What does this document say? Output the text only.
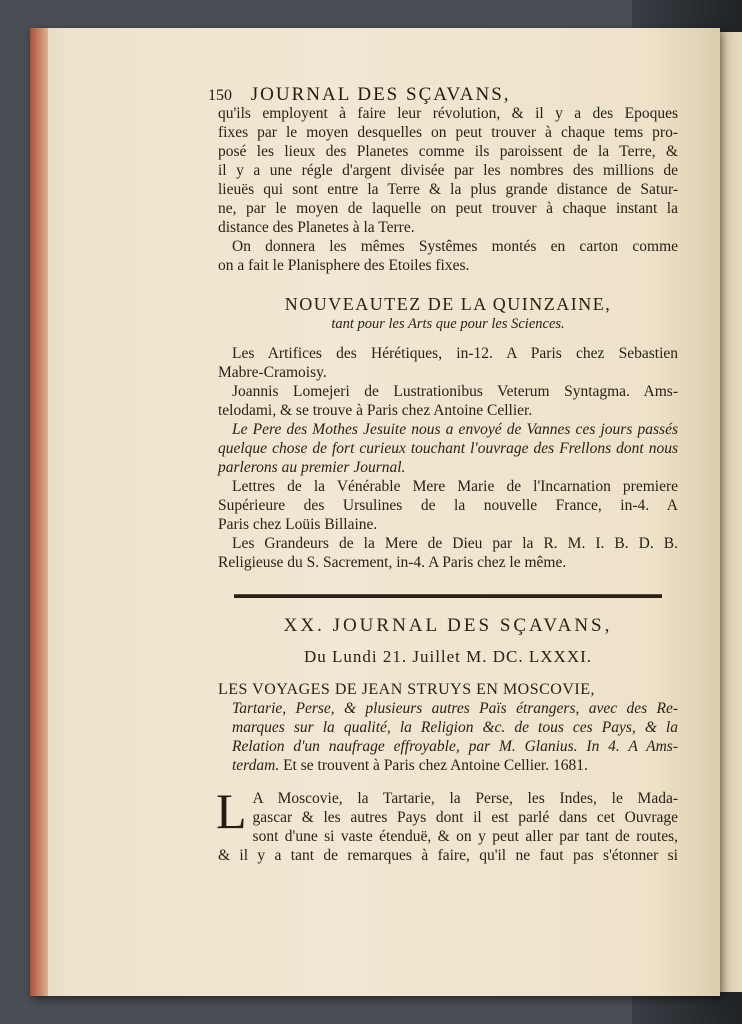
150 JOURNAL DES SÇAVANS,
qu'ils employent à faire leur révolution, & il y a des Epoques
fixes par le moyen desquelles on peut trouver à chaque tems pro-
posé les lieux des Planetes comme ils paroissent de la Terre, &
il y a une régle d'argent divisée par les nombres des millions de
lieuës qui sont entre la Terre & la plus grande distance de Satur-
ne, par le moyen de laquelle on peut trouver à chaque instant la
distance des Planetes à la Terre.
On donnera les mêmes Systêmes montés en carton comme
on a fait le Planisphere des Etoiles fixes.
NOUVEAUTEZ DE LA QUINZAINE,
tant pour les Arts que pour les Sciences.
Les Artifices des Hérétiques, in-12. A Paris chez Sebastien
Mabre-Cramoisy.
Joannis Lomejeri de Lustrationibus Veterum Syntagma. Ams-
telodami, & se trouve à Paris chez Antoine Cellier.
Le Pere des Mothes Jesuite nous a envoyé de Vannes ces jours passés
quelque chose de fort curieux touchant l'ouvrage des Frellons dont nous
parlerons au premier Journal.
Lettres de la Vénérable Mere Marie de l'Incarnation premiere
Supérieure des Ursulines de la nouvelle France, in-4. A
Paris chez Loüis Billaine.
Les Grandeurs de la Mere de Dieu par la R. M. I. B. D. B.
Religieuse du S. Sacrement, in-4. A Paris chez le même.
XX. JOURNAL DES SÇAVANS,
Du Lundi 21. Juillet M. DC. LXXXI.
LES VOYAGES DE JEAN STRUYS EN MOSCOVIE,
Tartarie, Perse, & plusieurs autres Païs étrangers, avec des Re-
marques sur la qualité, la Religion &c. de tous ces Pays, & la
Relation d'un naufrage effroyable, par M. Glanius. In 4. A Ams-
terdam. Et se trouvent à Paris chez Antoine Cellier. 1681.
L A Moscovie, la Tartarie, la Perse, les Indes, le Mada-
gascar & les autres Pays dont il est parlé dans cet Ouvrage
sont d'une si vaste étenduë, & on y peut aller par tant de routes,
& il y a tant de remarques à faire, qu'il ne faut pas s'étonner si
